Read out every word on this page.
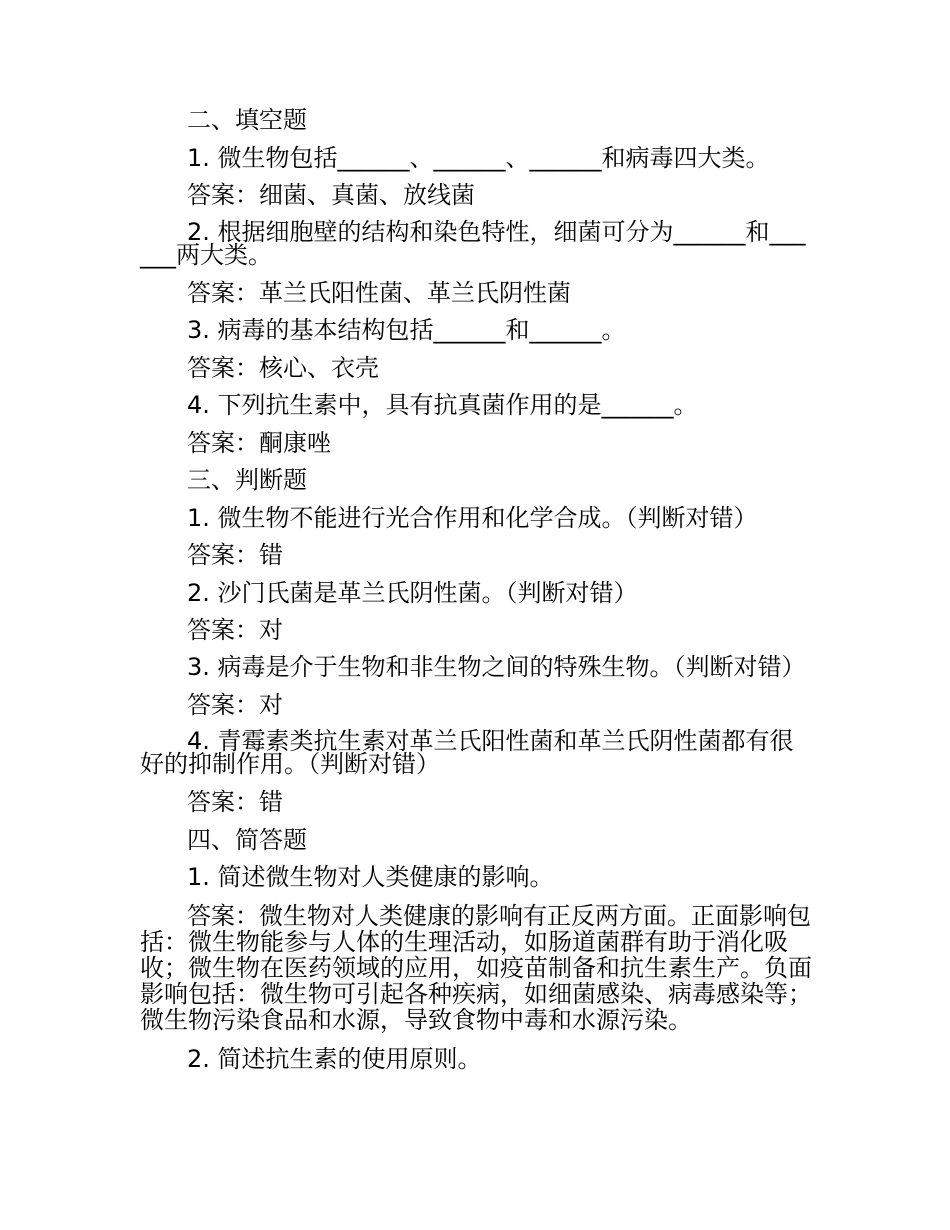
二、填空题

1. 微生物包括______、______、______和病毒四大类。

答案：细菌、真菌、放线菌

2. 根据细胞壁的结构和染色特性，细菌可分为______和______两大类。

答案：革兰氏阳性菌、革兰氏阴性菌

3. 病毒的基本结构包括______和______。

答案：核心、衣壳

4. 下列抗生素中，具有抗真菌作用的是______。

答案：酮康唑

三、判断题

1. 微生物不能进行光合作用和化学合成。（判断对错）

答案：错

2. 沙门氏菌是革兰氏阴性菌。（判断对错）

答案：对

3. 病毒是介于生物和非生物之间的特殊生物。（判断对错）

答案：对

4. 青霉素类抗生素对革兰氏阳性菌和革兰氏阴性菌都有很好的抑制作用。（判断对错）

答案：错

四、简答题

1. 简述微生物对人类健康的影响。

答案：微生物对人类健康的影响有正反两方面。正面影响包括：微生物能参与人体的生理活动，如肠道菌群有助于消化吸收；微生物在医药领域的应用，如疫苗制备和抗生素生产。负面影响包括：微生物可引起各种疾病，如细菌感染、病毒感染等；微生物污染食品和水源，导致食物中毒和水源污染。

2. 简述抗生素的使用原则。
